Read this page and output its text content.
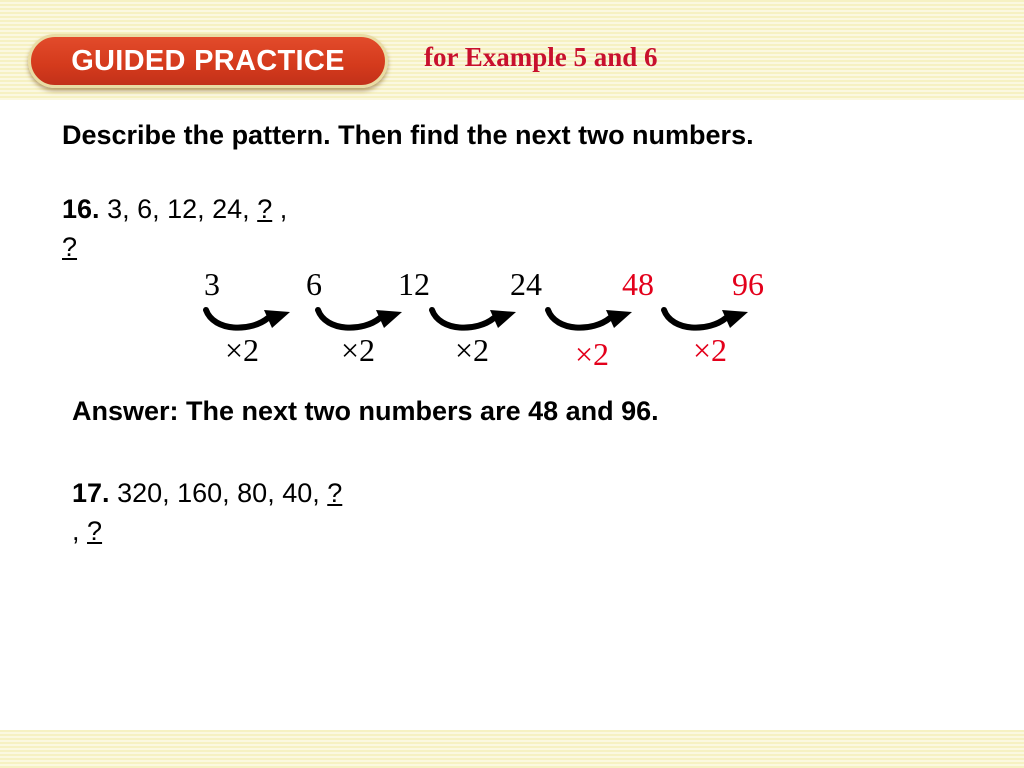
GUIDED PRACTICE	for Example 5 and 6
Describe the pattern. Then find the next two numbers.
16. 3, 6, 12, 24, ? ,
?
3	6 12	24	48 96
×2	×2 ×2	×2	×2
Answer: The next two numbers are 48 and 96.
17. 320, 160, 80, 40, ?
, ?
